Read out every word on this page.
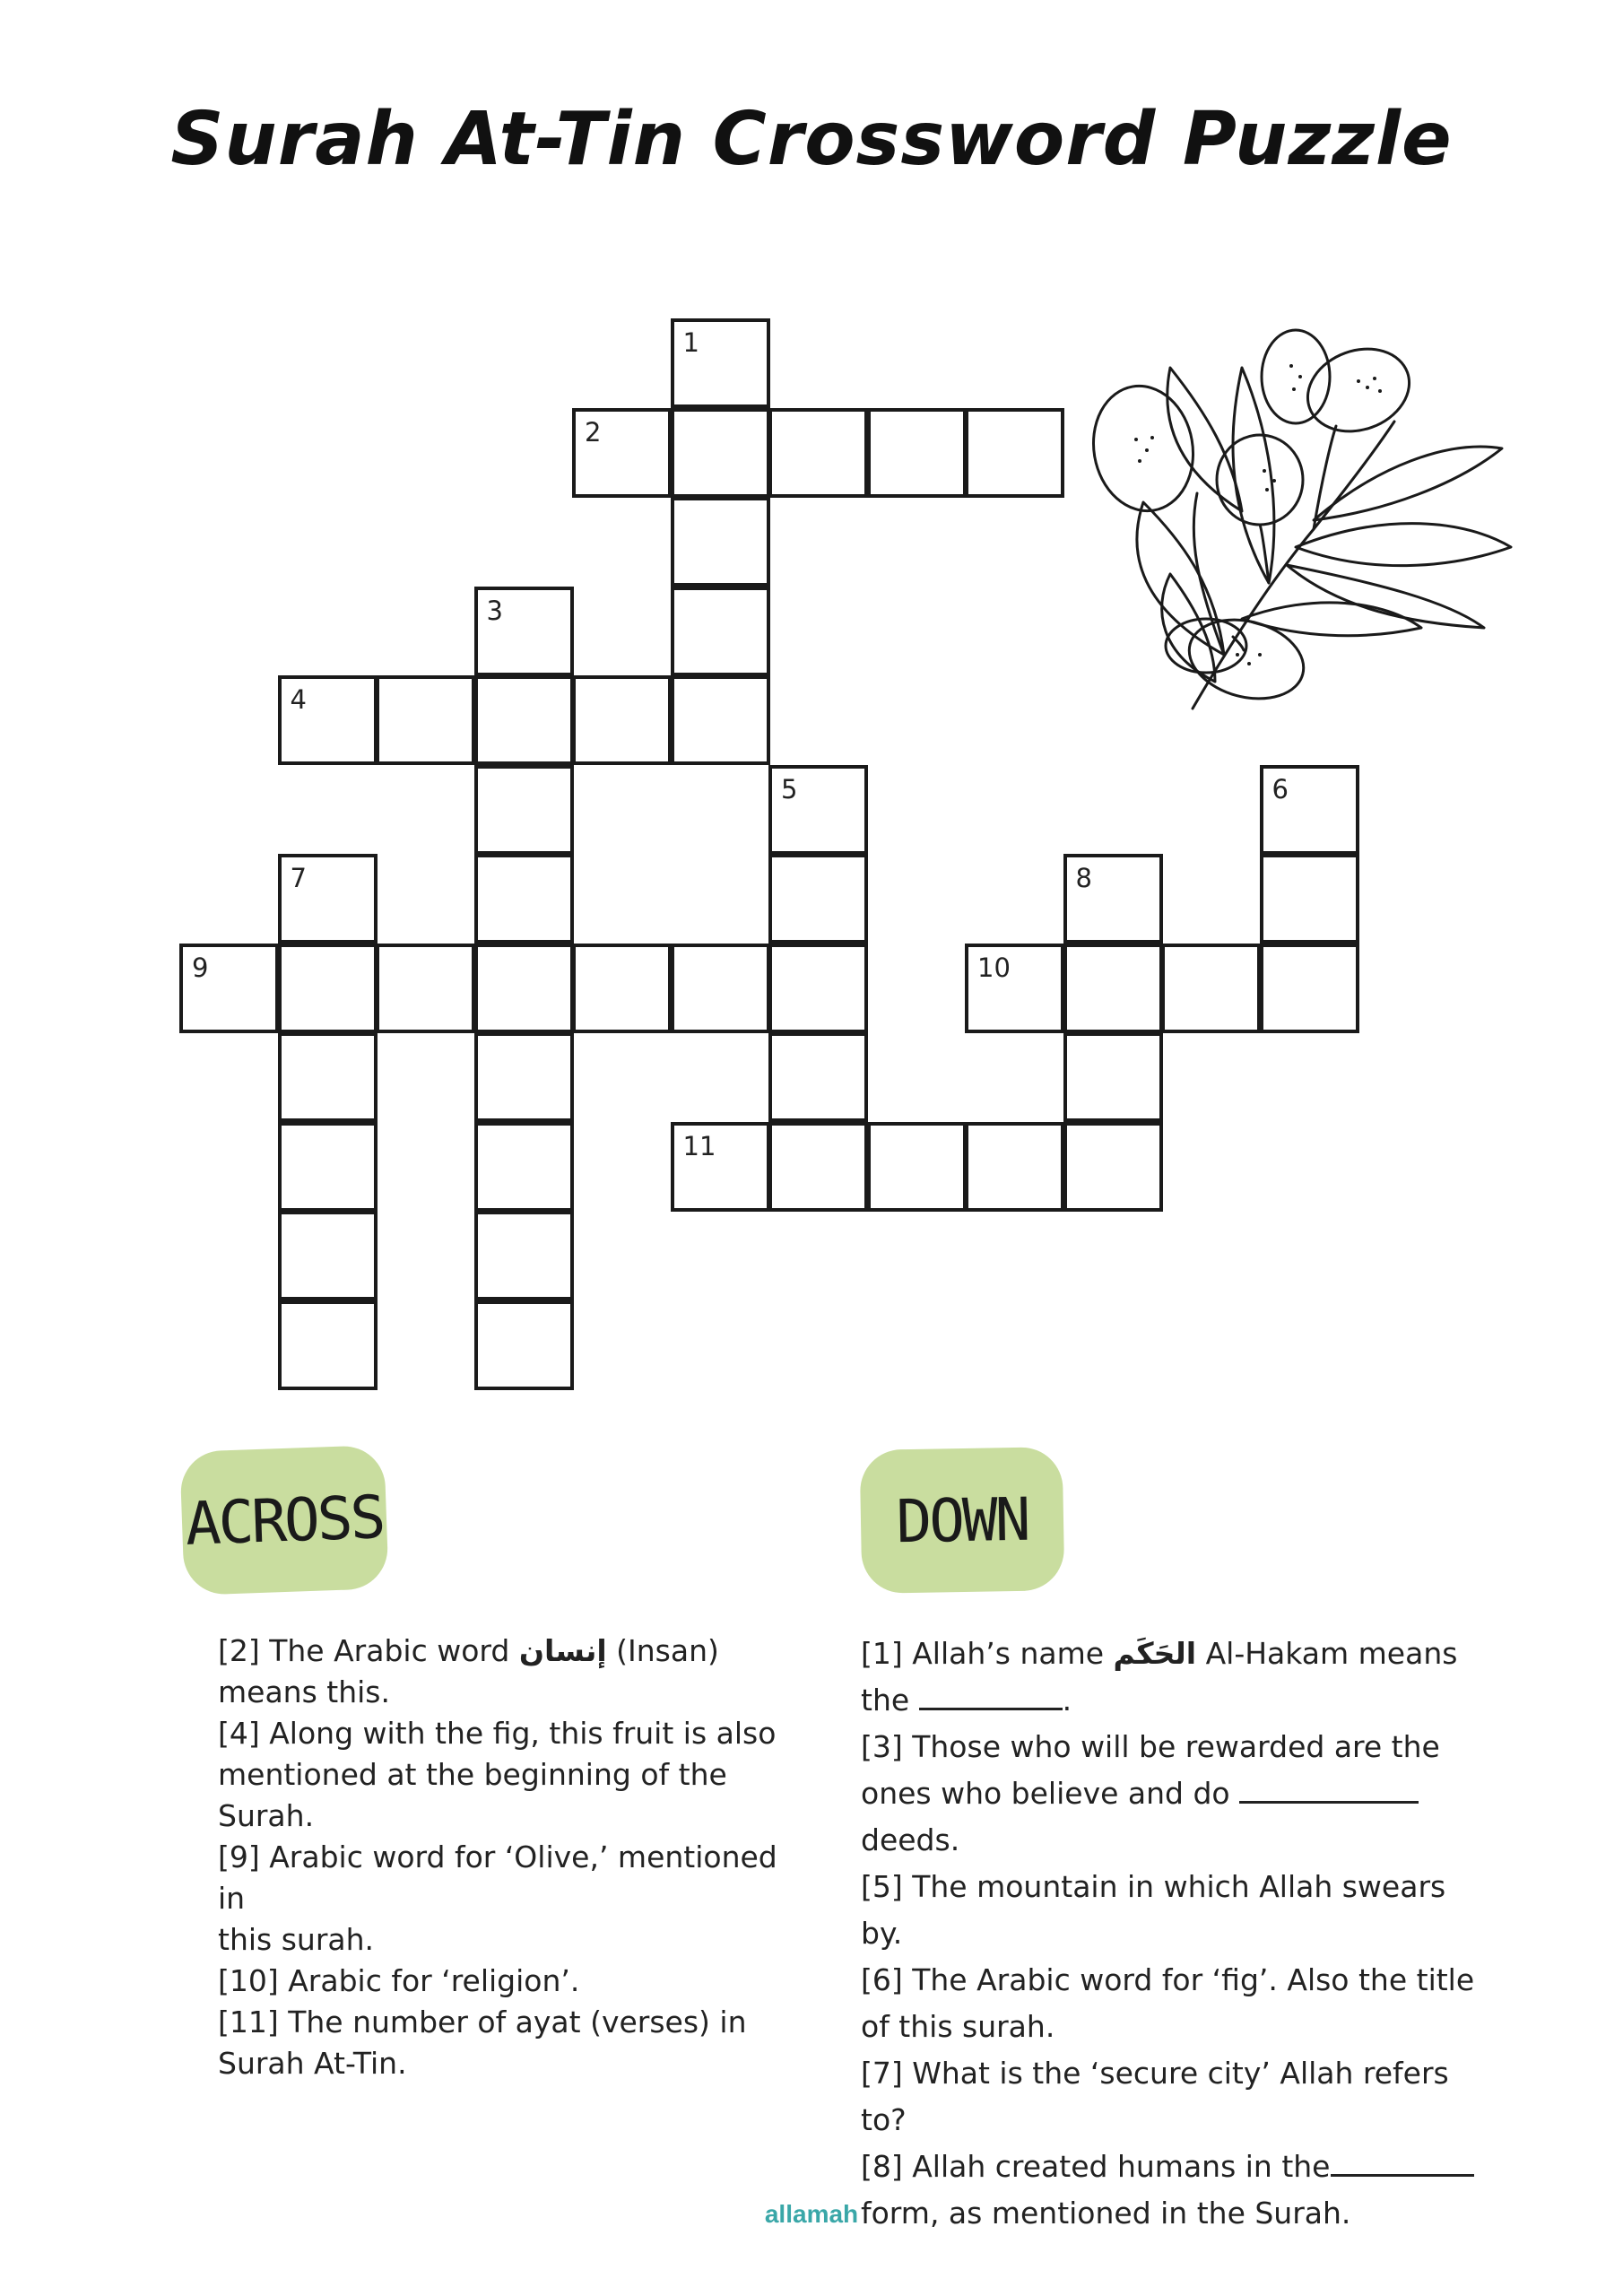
Surah At-Tin Crossword Puzzle
1
2
3
4
5	6
7	8
9	10
11
ACROSS	DOWN

[2] The Arabic word إنسان (Insan) means this.

[4] Along with the fig, this fruit is also mentioned at the beginning of the Surah.

[9] Arabic word for ‘Olive,’ mentioned in
this surah.

[10] Arabic for ‘religion’.

[11] The number of ayat (verses) in Surah At-Tin.

[1] Allah’s name الحَكَم Al-Hakam means the	.

[3] Those who will be rewarded are the ones who believe and do  deeds.

[5] The mountain in which Allah swears by.

[6] The Arabic word for ‘fig’. Also the title of this surah.

[7] What is the ‘secure city’ Allah refers to?

[8] Allah created humans in the form, as mentioned in the Surah.

allamah
